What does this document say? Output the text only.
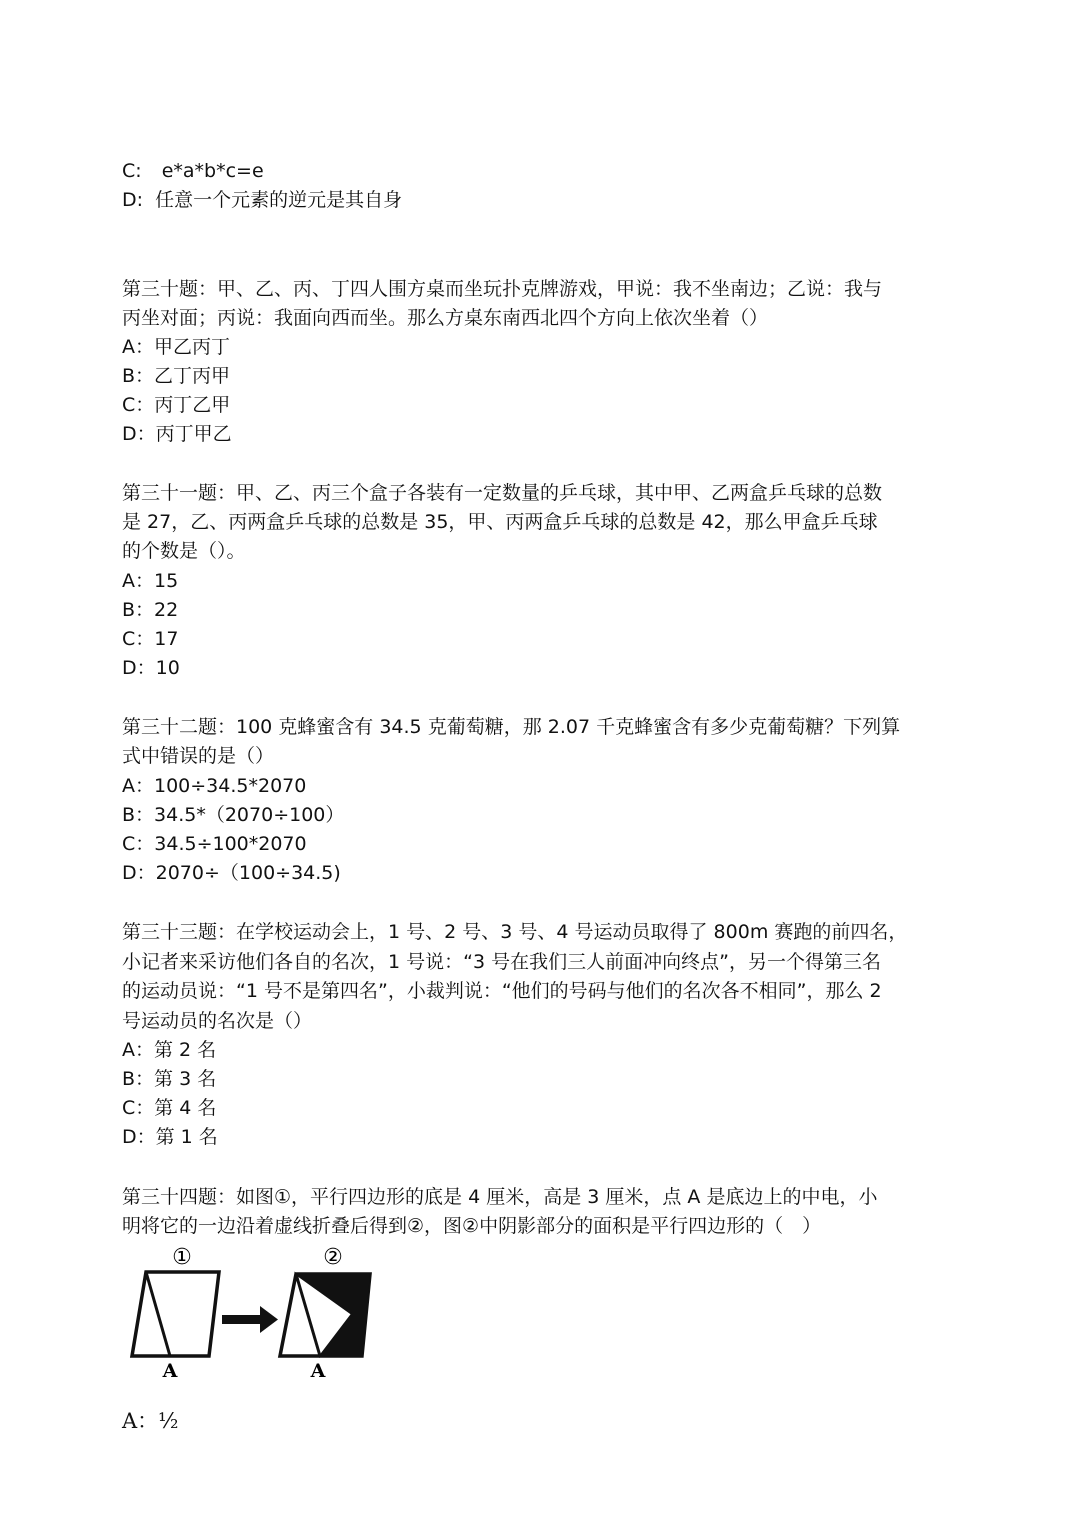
C: e*a*b*c=e
D: 任意一个元素的逆元是其自身
第三十题：甲、乙、丙、丁四人围方桌而坐玩扑克牌游戏，甲说：我不坐南边；乙说：我与
丙坐对面；丙说：我面向西而坐。那么方桌东南西北四个方向上依次坐着（）
A：甲乙丙丁
B：乙丁丙甲
C：丙丁乙甲
D：丙丁甲乙
第三十一题：甲、乙、丙三个盒子各装有一定数量的乒乓球，其中甲、乙两盒乒乓球的总数
是 27，乙、丙两盒乒乓球的总数是 35，甲、丙两盒乒乓球的总数是 42，那么甲盒乒乓球
的个数是（）。
A：15
B：22
C：17
D：10
第三十二题：100 克蜂蜜含有 34.5 克葡萄糖，那 2.07 千克蜂蜜含有多少克葡萄糖？下列算
式中错误的是（）
A：100÷34.5*2070
B：34.5*（2070÷100）
C：34.5÷100*2070
D：2070÷（100÷34.5)
第三十三题：在学校运动会上，1 号、2 号、3 号、4 号运动员取得了 800m 赛跑的前四名，
小记者来采访他们各自的名次，1 号说：“3 号在我们三人前面冲向终点”，另一个得第三名
的运动员说：“1 号不是第四名”，小裁判说：“他们的号码与他们的名次各不相同”，那么 2
号运动员的名次是（）
A：第 2 名
B：第 3 名
C：第 4 名
D：第 1 名
第三十四题：如图①，平行四边形的底是 4 厘米，高是 3 厘米，点 A 是底边上的中电，小
明将它的一边沿着虚线折叠后得到②，图②中阴影部分的面积是平行四边形的（　）
①
A
②
A
A：½
